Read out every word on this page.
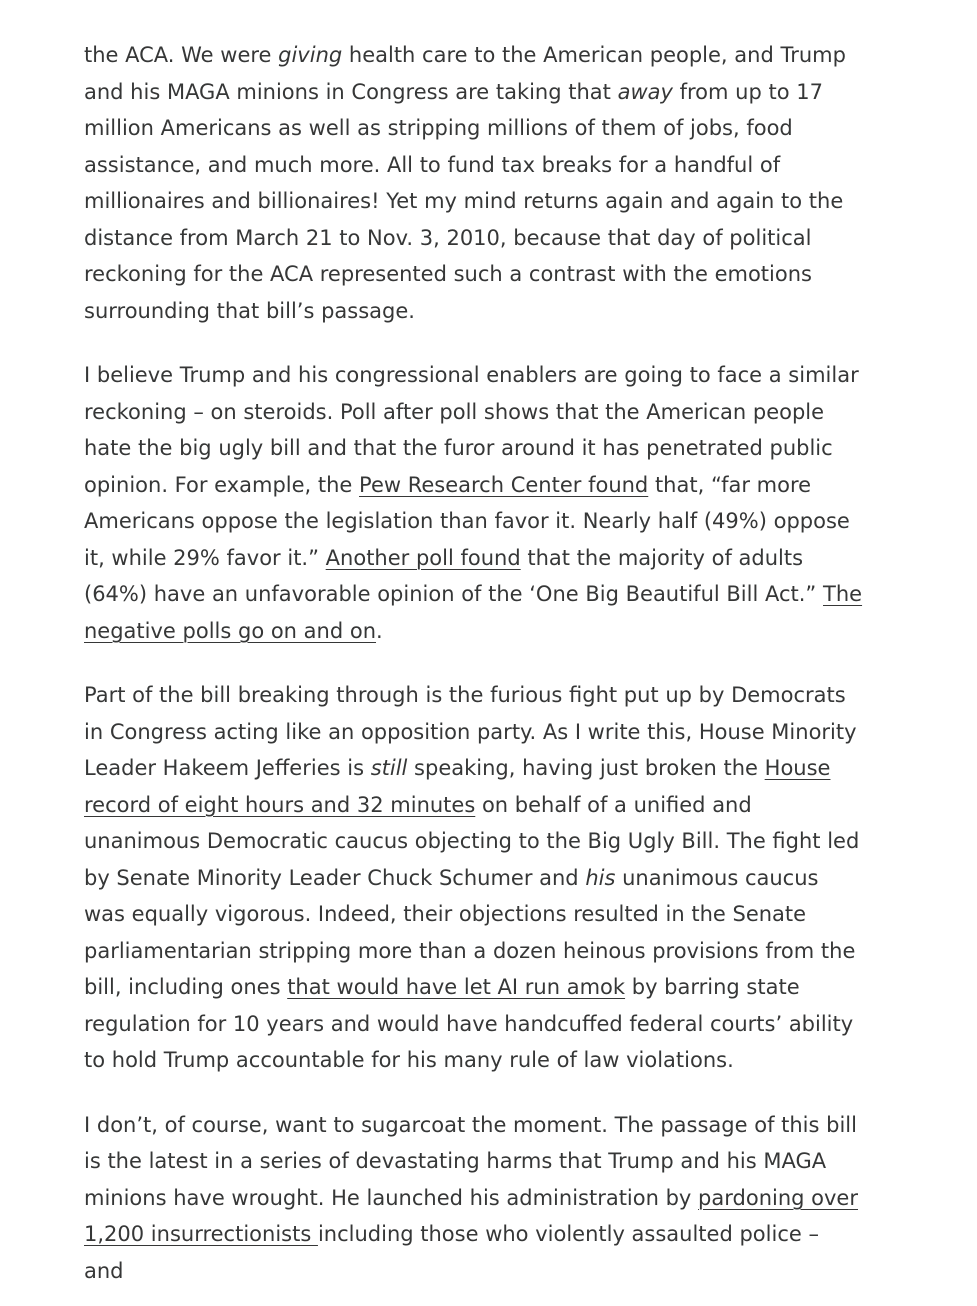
the ACA. We were giving health care to the American people, and Trump and his MAGA minions in Congress are taking that away from up to 17 million Americans as well as stripping millions of them of jobs, food assistance, and much more. All to fund tax breaks for a handful of millionaires and billionaires! Yet my mind returns again and again to the distance from March 21 to Nov. 3, 2010, because that day of political reckoning for the ACA represented such a contrast with the emotions surrounding that bill’s passage.

I believe Trump and his congressional enablers are going to face a similar reckoning – on steroids. Poll after poll shows that the American people hate the big ugly bill and that the furor around it has penetrated public opinion. For example, the Pew Research Center found that, “far more Americans oppose the legislation than favor it. Nearly half (49%) oppose it, while 29% favor it.” Another poll found that the majority of adults (64%) have an unfavorable opinion of the ‘One Big Beautiful Bill Act.” The negative polls go on and on.

Part of the bill breaking through is the furious fight put up by Democrats in Congress acting like an opposition party. As I write this, House Minority Leader Hakeem Jefferies is still speaking, having just broken the House record of eight hours and 32 minutes on behalf of a unified and unanimous Democratic caucus objecting to the Big Ugly Bill. The fight led by Senate Minority Leader Chuck Schumer and his unanimous caucus was equally vigorous. Indeed, their objections resulted in the Senate parliamentarian stripping more than a dozen heinous provisions from the bill, including ones that would have let AI run amok by barring state regulation for 10 years and would have handcuffed federal courts’ ability to hold Trump accountable for his many rule of law violations.

I don’t, of course, want to sugarcoat the moment. The passage of this bill is the latest in a series of devastating harms that Trump and his MAGA minions have wrought. He launched his administration by pardoning over 1,200 insurrectionists including those who violently assaulted police – and
